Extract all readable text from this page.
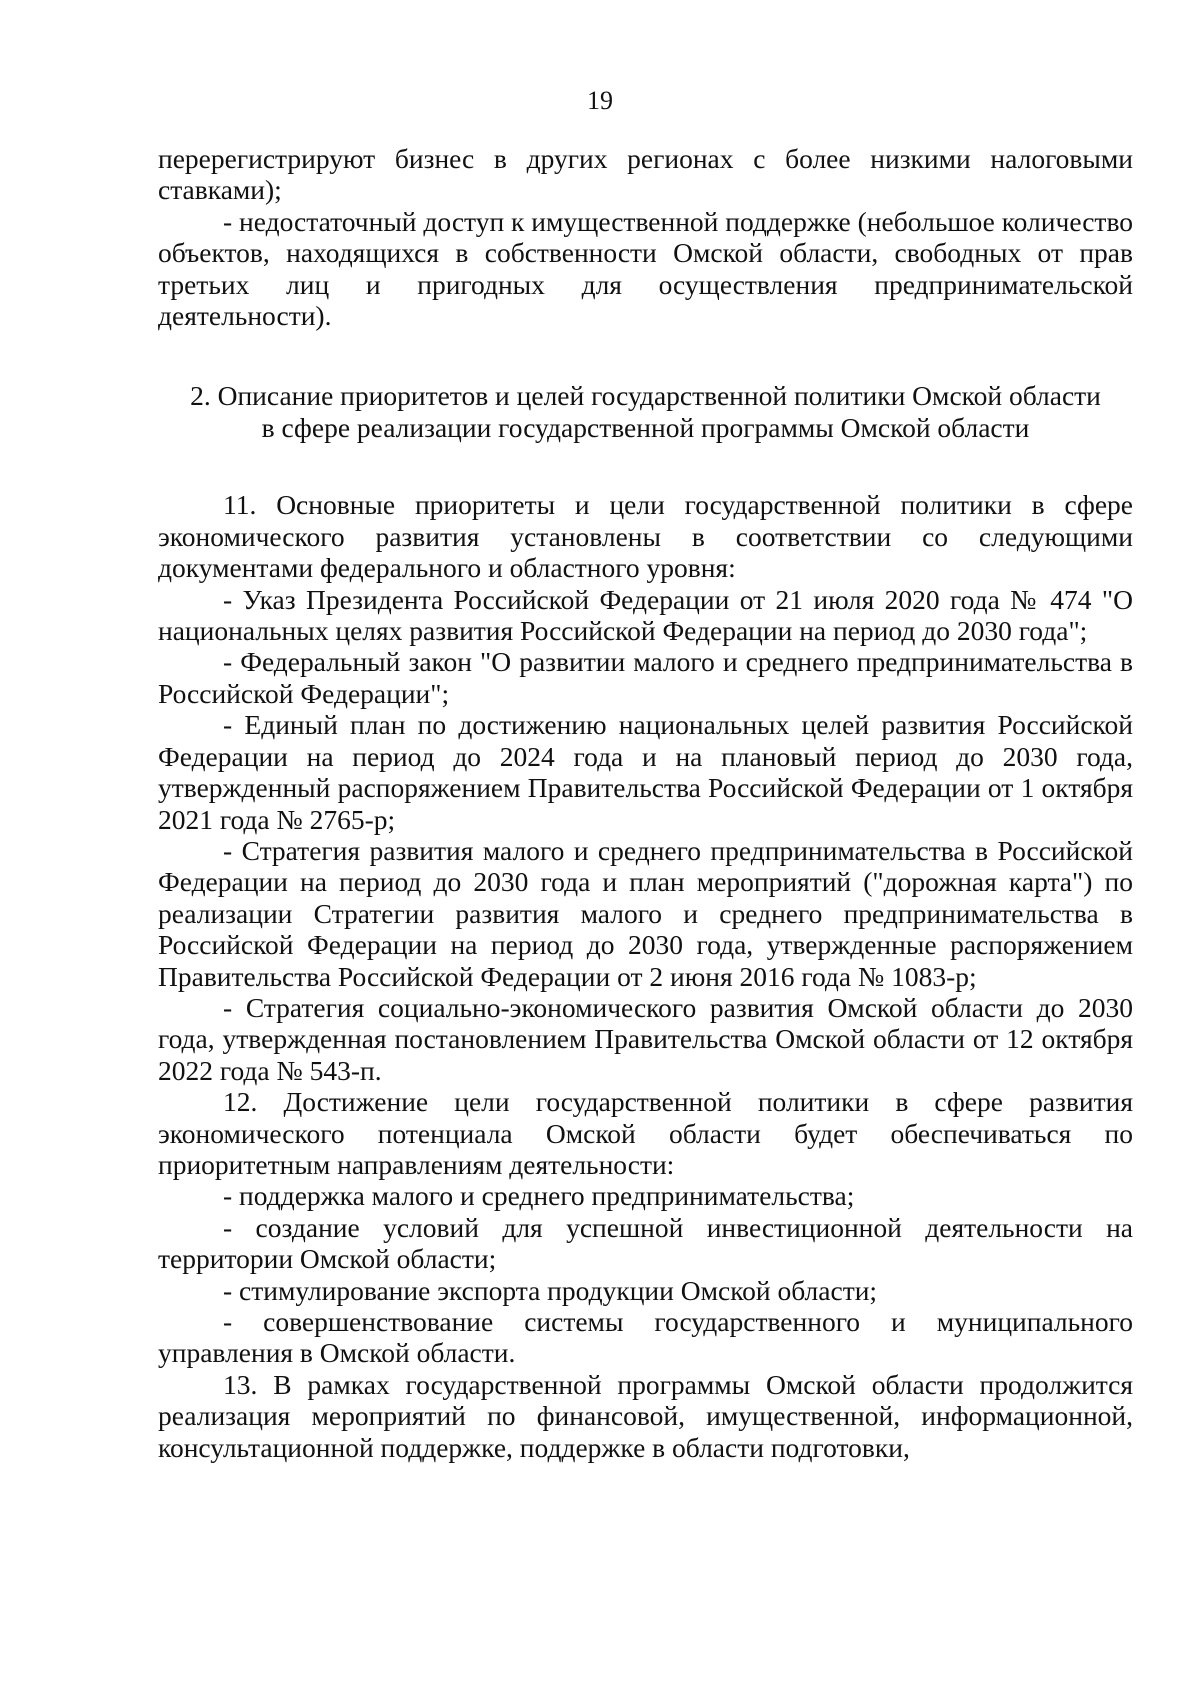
19

перерегистрируют бизнес в других регионах с более низкими налоговыми ставками);

- недостаточный доступ к имущественной поддержке (небольшое количество объектов, находящихся в собственности Омской области, свободных от прав третьих лиц и пригодных для осуществления предпринимательской деятельности).

2. Описание приоритетов и целей государственной политики Омской области
в сфере реализации государственной программы Омской области

11. Основные приоритеты и цели государственной политики в сфере экономического развития установлены в соответствии со следующими документами федерального и областного уровня:

- Указ Президента Российской Федерации от 21 июля 2020 года № 474 "О национальных целях развития Российской Федерации на период до 2030 года";

- Федеральный закон "О развитии малого и среднего предпринимательства в Российской Федерации";

- Единый план по достижению национальных целей развития Российской Федерации на период до 2024 года и на плановый период до 2030 года, утвержденный распоряжением Правительства Российской Федерации от 1 октября 2021 года № 2765-р;

- Стратегия развития малого и среднего предпринимательства в Российской Федерации на период до 2030 года и план мероприятий ("дорожная карта") по реализации Стратегии развития малого и среднего предпринимательства в Российской Федерации на период до 2030 года, утвержденные распоряжением Правительства Российской Федерации от 2 июня 2016 года № 1083-р;

- Стратегия социально-экономического развития Омской области до 2030 года, утвержденная постановлением Правительства Омской области от 12 октября 2022 года № 543-п.

12. Достижение цели государственной политики в сфере развития экономического потенциала Омской области будет обеспечиваться по приоритетным направлениям деятельности:

- поддержка малого и среднего предпринимательства;

- создание условий для успешной инвестиционной деятельности на территории Омской области;

- стимулирование экспорта продукции Омской области;

- совершенствование системы государственного и муниципального управления в Омской области.

13. В рамках государственной программы Омской области продолжится реализация мероприятий по финансовой, имущественной, информационной, консультационной поддержке, поддержке в области подготовки,
